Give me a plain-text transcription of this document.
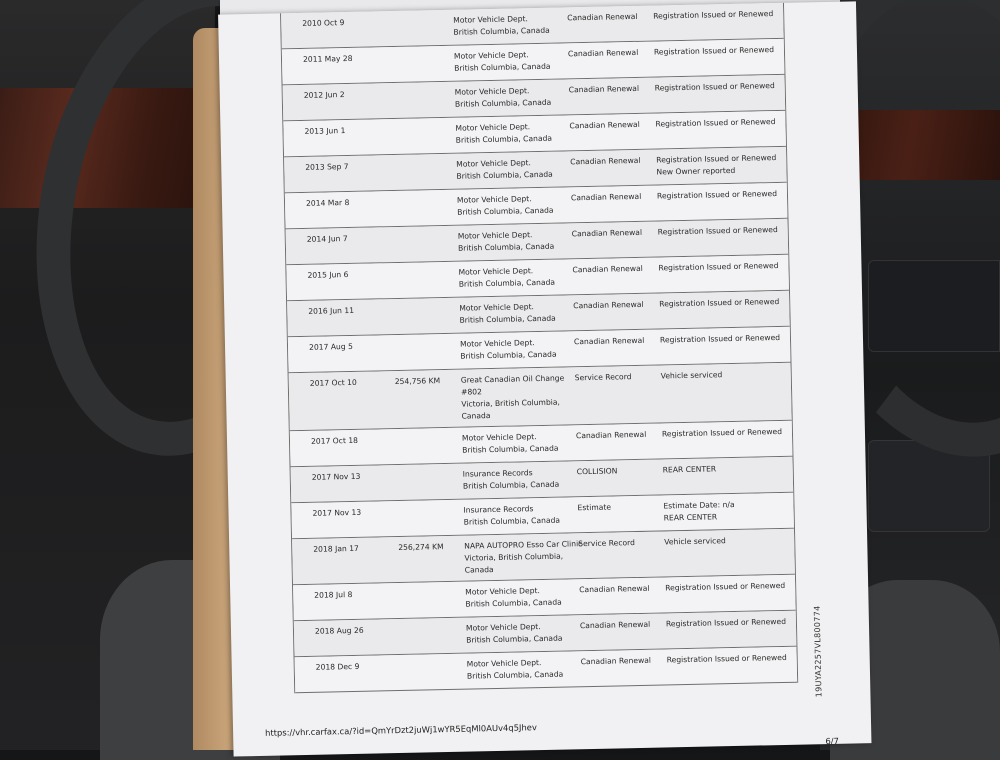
2010 Oct 9	Motor Vehicle Dept.
British Columbia, Canada
Canadian Renewal	Registration Issued or Renewed
2011 May 28	Motor Vehicle Dept.
British Columbia, Canada
Canadian Renewal	Registration Issued or Renewed
2012 Jun 2	Motor Vehicle Dept.
British Columbia, Canada
Canadian Renewal	Registration Issued or Renewed
2013 Jun 1	Motor Vehicle Dept.
British Columbia, Canada
Canadian Renewal	Registration Issued or Renewed
2013 Sep 7	Motor Vehicle Dept.
British Columbia, Canada
Canadian Renewal	Registration Issued or Renewed
New Owner reported
2014 Mar 8	Motor Vehicle Dept.
British Columbia, Canada
Canadian Renewal	Registration Issued or Renewed
2014 Jun 7	Motor Vehicle Dept.
British Columbia, Canada
Canadian Renewal	Registration Issued or Renewed
2015 Jun 6	Motor Vehicle Dept.
British Columbia, Canada
Canadian Renewal	Registration Issued or Renewed
2016 Jun 11	Motor Vehicle Dept.
British Columbia, Canada
Canadian Renewal	Registration Issued or Renewed
2017 Aug 5	Motor Vehicle Dept.
British Columbia, Canada
Canadian Renewal	Registration Issued or Renewed
2017 Oct 10	254,756 KM	Great Canadian Oil Change
#802
Victoria, British Columbia,
Canada
Service Record	Vehicle serviced
2017 Oct 18	Motor Vehicle Dept.
British Columbia, Canada
Canadian Renewal	Registration Issued or Renewed
2017 Nov 13	Insurance Records
British Columbia, Canada
COLLISION	REAR CENTER
2017 Nov 13	Insurance Records
British Columbia, Canada
Estimate	Estimate Date: n/a
REAR CENTER
2018 Jan 17	256,274 KM	NAPA AUTOPRO Esso Car Clinic
Victoria, British Columbia,
Canada
Service Record	Vehicle serviced
2018 Jul 8	Motor Vehicle Dept.
British Columbia, Canada
Canadian Renewal	Registration Issued or Renewed
2018 Aug 26	Motor Vehicle Dept.
British Columbia, Canada
Canadian Renewal	Registration Issued or Renewed
2018 Dec 9	Motor Vehicle Dept.
British Columbia, Canada
Canadian Renewal	Registration Issued or Renewed
https://vhr.carfax.ca/?id=QmYrDzt2juWj1wYR5EqMl0AUv4q5Jhev
6/7
19UYA2257VL800774
